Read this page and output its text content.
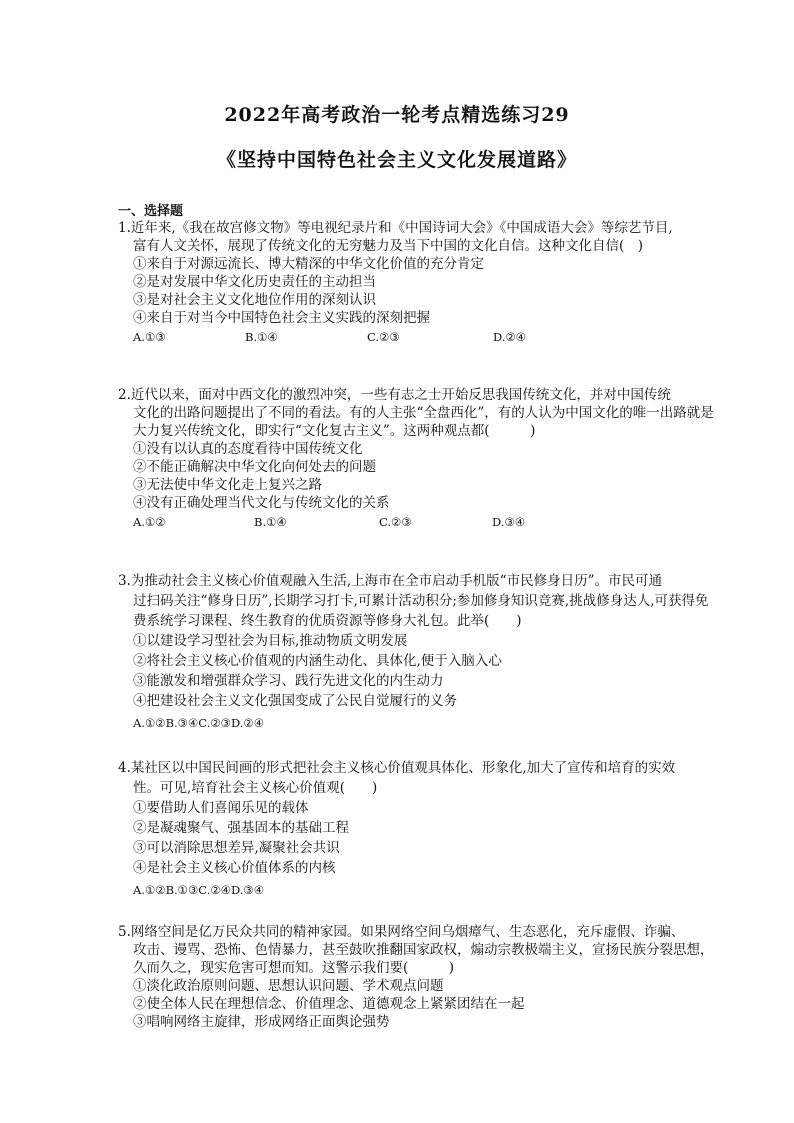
2022年高考政治一轮考点精选练习29
《坚持中国特色社会主义文化发展道路》
一、选择题

1.近年来,《我在故宫修文物》等电视纪录片和《中国诗词大会》《中国成语大会》等综艺节目,
富有人文关怀，展现了传统文化的无穷魅力及当下中国的文化自信。这种文化自信(　)

①来自于对源远流长、博大精深的中华文化价值的充分肯定

②是对发展中华文化历史责任的主动担当

③是对社会主义文化地位作用的深刻认识

④来自于对当今中国特色社会主义实践的深刻把握

A.①③	B.①④	C.②③	D.②④

2.近代以来，面对中西文化的激烈冲突，一些有志之士开始反思我国传统文化，并对中国传统
文化的出路问题提出了不同的看法。有的人主张“全盘西化”，有的人认为中国文化的唯一出路就是大力复兴传统文化，即实行“文化复古主义”。这两种观点都(　　　)

①没有以认真的态度看待中国传统文化

②不能正确解决中华文化向何处去的问题

③无法使中华文化走上复兴之路

④没有正确处理当代文化与传统文化的关系

A.①②	B.①④	C.②③	D.③④

3.为推动社会主义核心价值观融入生活,上海市在全市启动手机版“市民修身日历”。市民可通
过扫码关注“修身日历”,长期学习打卡,可累计活动积分;参加修身知识竞赛,挑战修身达人,可获得免费系统学习课程、终生教育的优质资源等修身大礼包。此举(　　)

①以建设学习型社会为目标,推动物质文明发展

②将社会主义核心价值观的内涵生动化、具体化,便于入脑入心

③能激发和增强群众学习、践行先进文化的内生动力

④把建设社会主义文化强国变成了公民自觉履行的义务

A.①②B.③④C.②③D.②④

4.某社区以中国民间画的形式把社会主义核心价值观具体化、形象化,加大了宣传和培育的实效
性。可见,培育社会主义核心价值观(　　)

①要借助人们喜闻乐见的载体

②是凝魂聚气、强基固本的基础工程

③可以消除思想差异,凝聚社会共识

④是社会主义核心价值体系的内核

A.①②B.①③C.②④D.③④

5.网络空间是亿万民众共同的精神家园。如果网络空间乌烟瘴气、生态恶化，充斥虚假、诈骗、
攻击、谩骂、恐怖、色情暴力，甚至鼓吹推翻国家政权，煽动宗教极端主义，宣扬民族分裂思想，久而久之，现实危害可想而知。这警示我们要(　　　)

①淡化政治原则问题、思想认识问题、学术观点问题

②使全体人民在理想信念、价值理念、道德观念上紧紧团结在一起

③唱响网络主旋律，形成网络正面舆论强势
